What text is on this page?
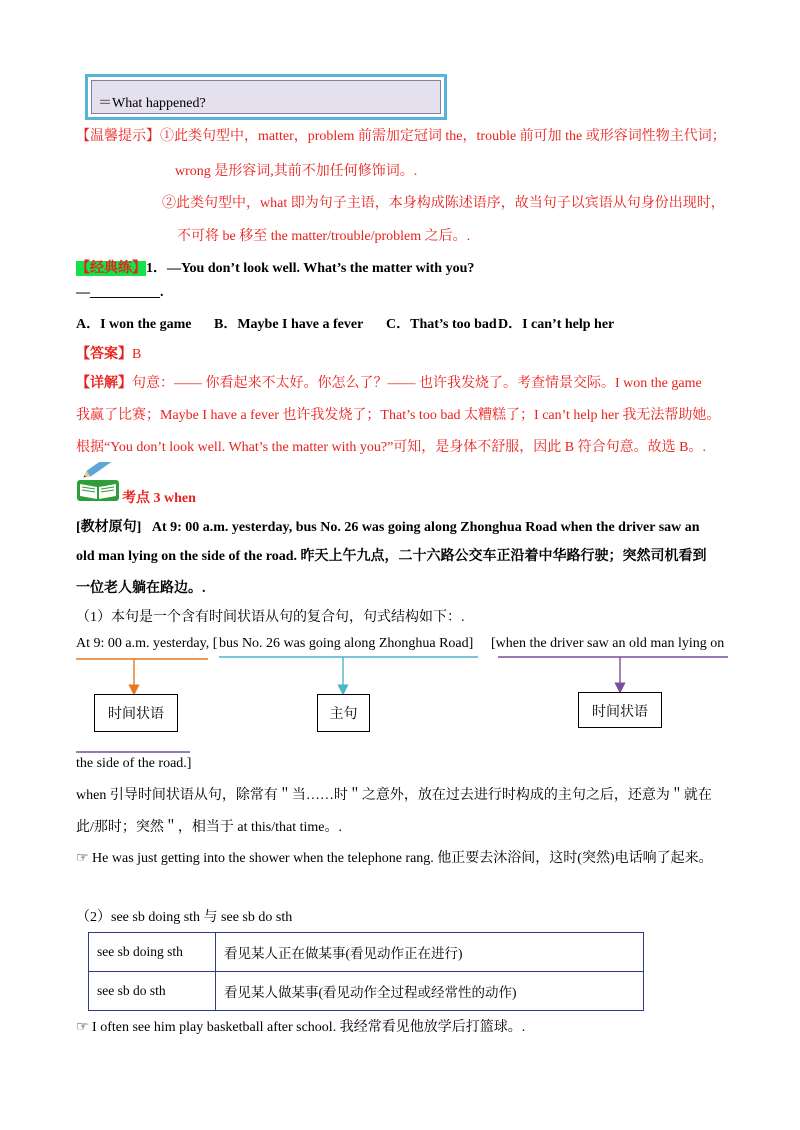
＝What happened?
【温馨提示】①此类句型中，matter，problem 前需加定冠词 the，trouble 前可加 the 或形容词性物主代词；
wrong 是形容词,其前不加任何修饰词。.
②此类句型中，what 即为句子主语，本身构成陈述语序，故当句子以宾语从句身份出现时，
不可将 be 移至 the matter/trouble/problem 之后。.
【经典练】1．—You don’t look well. What’s the matter with you?
—__________.
A．I won the game B．Maybe I have a fever C．That’s too bad D．I can’t help her
【答案】B
【详解】句意：—— 你看起来不太好。你怎么了？—— 也许我发烧了。考查情景交际。I won the game
我赢了比赛；Maybe I have a fever 也许我发烧了；That’s too bad 太糟糕了；I can’t help her 我无法帮助她。
根据“You don’t look well. What’s the matter with you?”可知，是身体不舒服，因此 B 符合句意。故选 B。.
考点 3 when
[教材原句] At 9: 00 a.m. yesterday, bus No. 26 was going along Zhonghua Road when the driver saw an
old man lying on the side of the road. 昨天上午九点，二十六路公交车正沿着中华路行驶；突然司机看到
一位老人躺在路边。.
（1）本句是一个含有时间状语从句的复合句，句式结构如下：.
At 9: 00 a.m. yesterday, [ bus No. 26 was going along Zhonghua Road] [when the driver saw an old man lying on
时间状语	主句	时间状语
the side of the road.]
when 引导时间状语从句，除常有＂当……时＂之意外，放在过去进行时构成的主句之后，还意为＂就在
此/那时；突然＂，相当于 at this/that time。.
☞ He was just getting into the shower when the telephone rang. 他正要去沐浴间，这时(突然)电话响了起来。
（2）see sb doing sth 与 see sb do sth
see sb doing sth	看见某人正在做某事(看见动作正在进行)
see sb do sth	看见某人做某事(看见动作全过程或经常性的动作)
☞ I often see him play basketball after school. 我经常看见他放学后打篮球。.
